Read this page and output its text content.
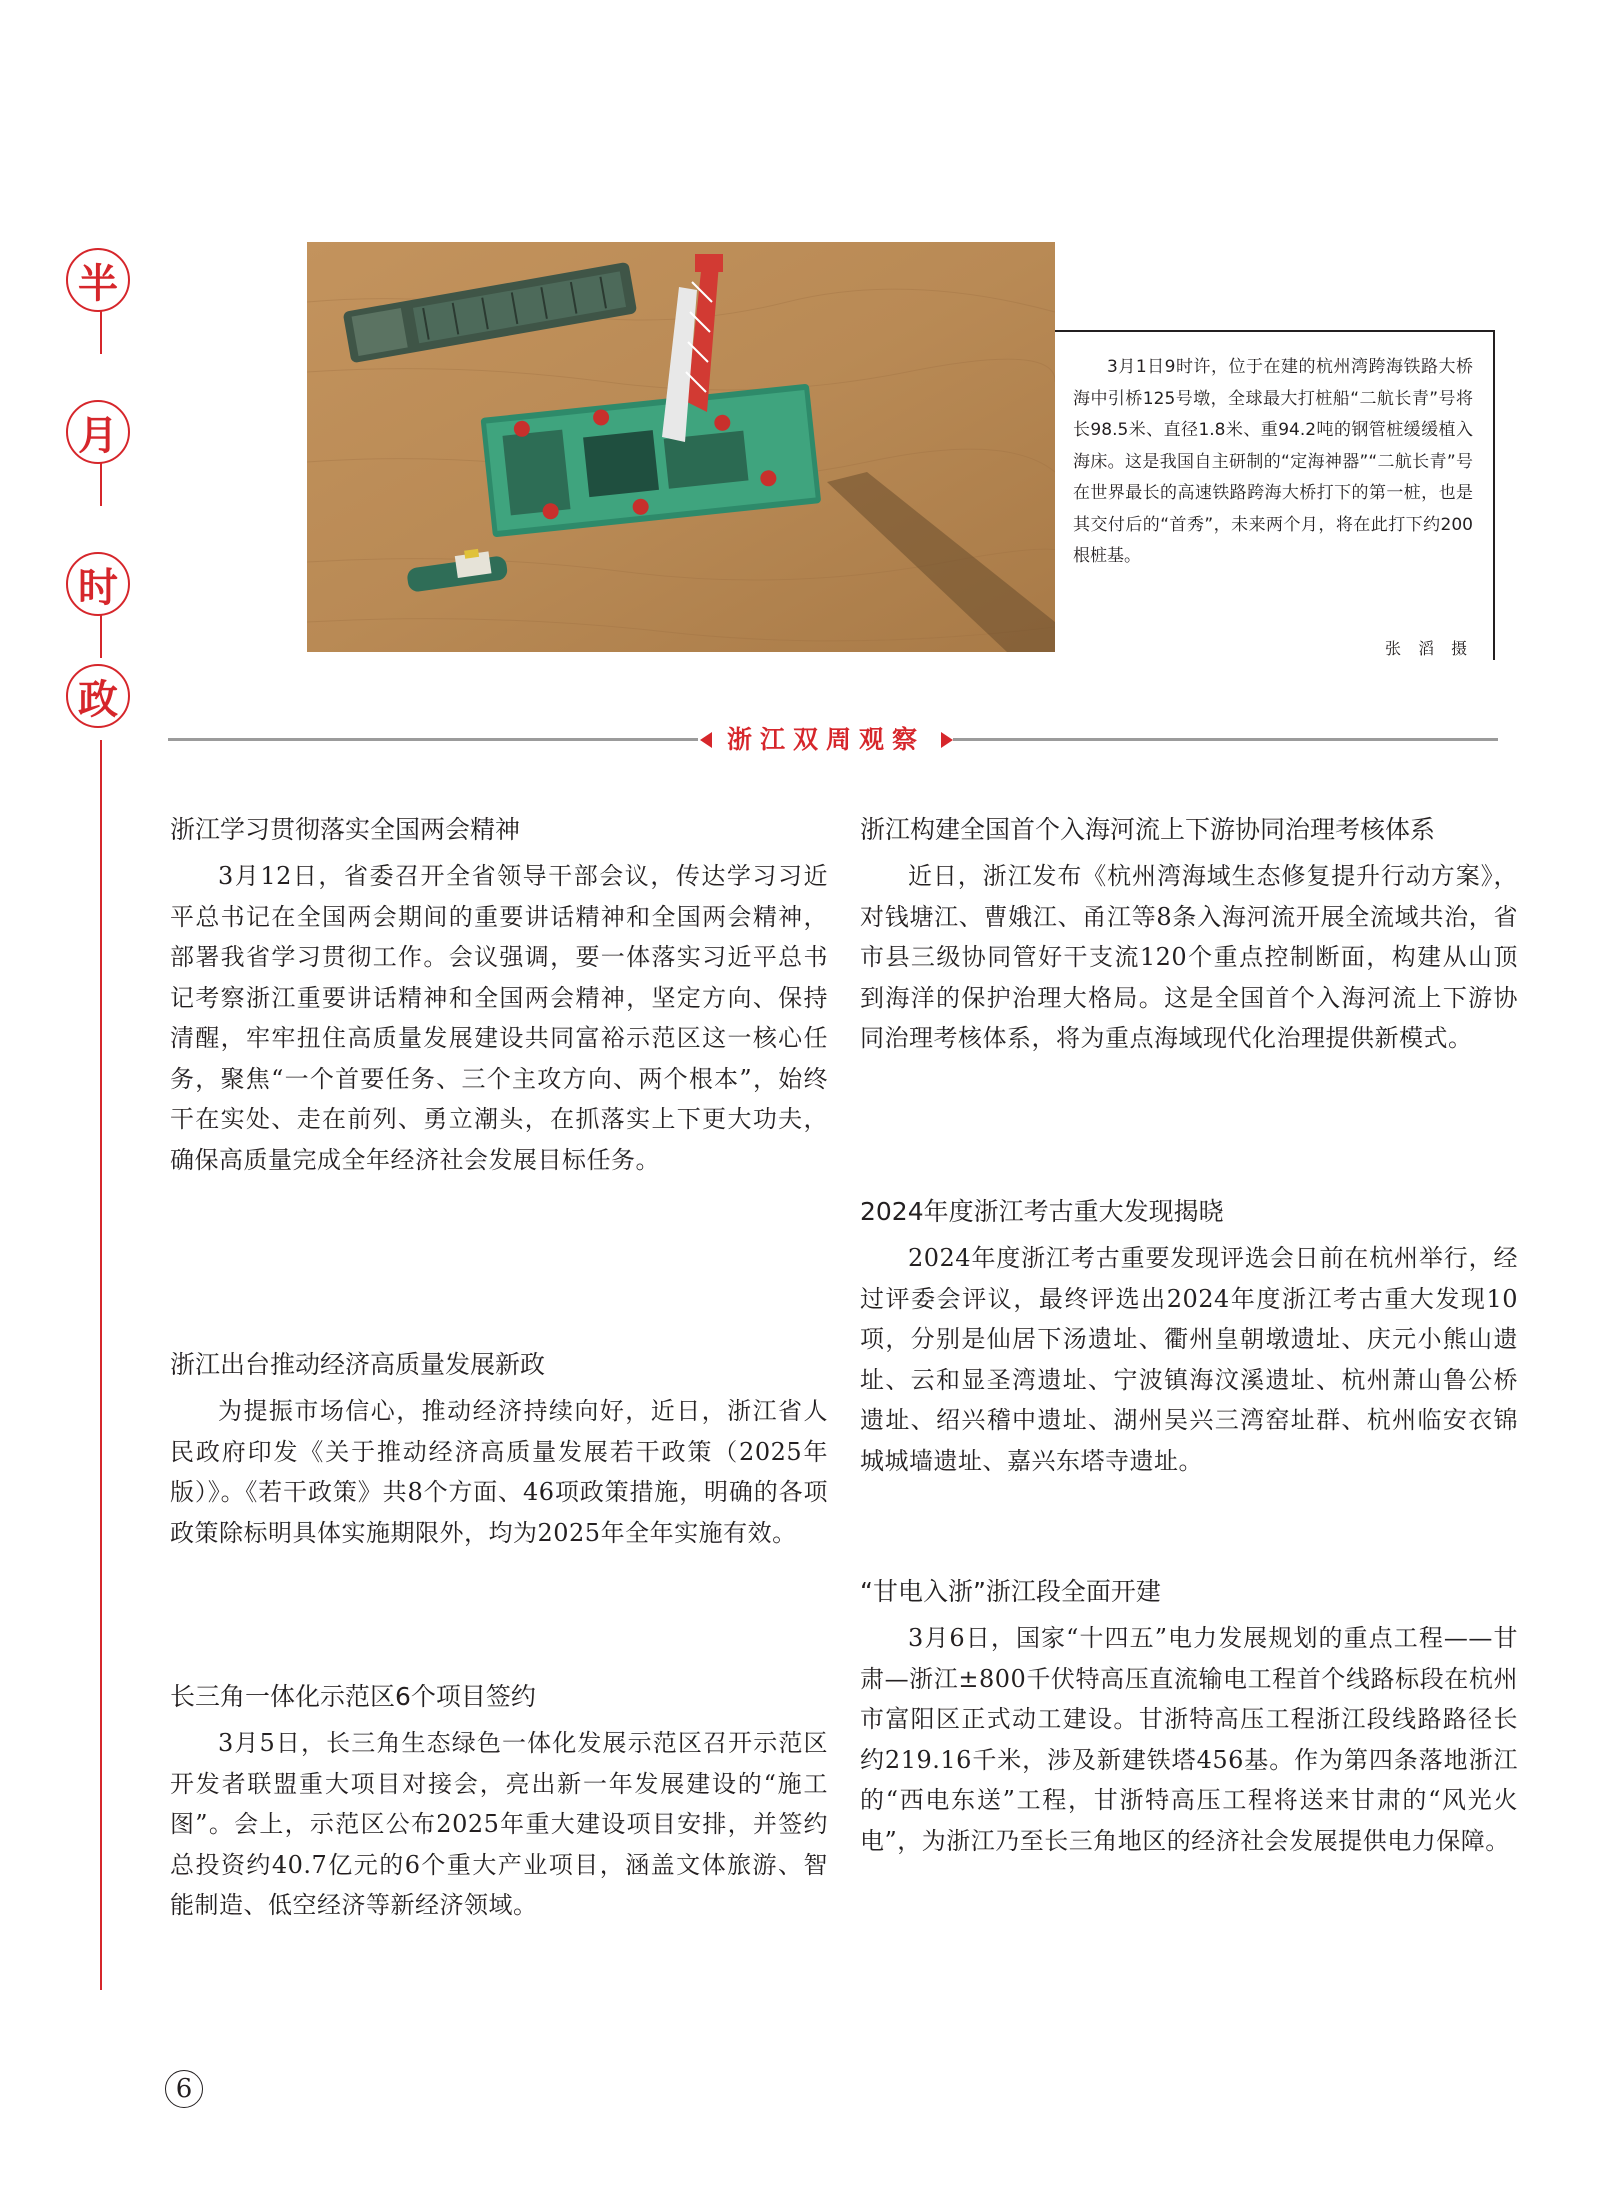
半
月
时
政
3月1日9时许，位于在建的杭州湾跨海铁路大桥海中引桥125号墩，全球最大打桩船“二航长青”号将长98.5米、直径1.8米、重94.2吨的钢管桩缓缓植入海床。这是我国自主研制的“定海神器”“二航长青”号在世界最长的高速铁路跨海大桥打下的第一桩，也是其交付后的“首秀”，未来两个月，将在此打下约200根桩基。
张 滔 摄
浙江双周观察
浙江学习贯彻落实全国两会精神

3月12日，省委召开全省领导干部会议，传达学习习近平总书记在全国两会期间的重要讲话精神和全国两会精神，部署我省学习贯彻工作。会议强调，要一体落实习近平总书记考察浙江重要讲话精神和全国两会精神，坚定方向、保持清醒，牢牢扭住高质量发展建设共同富裕示范区这一核心任务，聚焦“一个首要任务、三个主攻方向、两个根本”，始终干在实处、走在前列、勇立潮头，在抓落实上下更大功夫，确保高质量完成全年经济社会发展目标任务。

浙江出台推动经济高质量发展新政

为提振市场信心，推动经济持续向好，近日，浙江省人民政府印发《关于推动经济高质量发展若干政策（2025年版）》。《若干政策》共8个方面、46项政策措施，明确的各项政策除标明具体实施期限外，均为2025年全年实施有效。

长三角一体化示范区6个项目签约

3月5日，长三角生态绿色一体化发展示范区召开示范区开发者联盟重大项目对接会，亮出新一年发展建设的“施工图”。会上，示范区公布2025年重大建设项目安排，并签约总投资约40.7亿元的6个重大产业项目，涵盖文体旅游、智能制造、低空经济等新经济领域。

浙江构建全国首个入海河流上下游协同治理考核体系

近日，浙江发布《杭州湾海域生态修复提升行动方案》，对钱塘江、曹娥江、甬江等8条入海河流开展全流域共治，省市县三级协同管好干支流120个重点控制断面，构建从山顶到海洋的保护治理大格局。这是全国首个入海河流上下游协同治理考核体系，将为重点海域现代化治理提供新模式。

2024年度浙江考古重大发现揭晓

2024年度浙江考古重要发现评选会日前在杭州举行，经过评委会评议，最终评选出2024年度浙江考古重大发现10项，分别是仙居下汤遗址、衢州皇朝墩遗址、庆元小熊山遗址、云和显圣湾遗址、宁波镇海汶溪遗址、杭州萧山鲁公桥遗址、绍兴稽中遗址、湖州吴兴三湾窑址群、杭州临安衣锦城城墙遗址、嘉兴东塔寺遗址。

“甘电入浙”浙江段全面开建

3月6日，国家“十四五”电力发展规划的重点工程——甘肃—浙江±800千伏特高压直流输电工程首个线路标段在杭州市富阳区正式动工建设。甘浙特高压工程浙江段线路路径长约219.16千米，涉及新建铁塔456基。作为第四条落地浙江的“西电东送”工程，甘浙特高压工程将送来甘肃的“风光火电”，为浙江乃至长三角地区的经济社会发展提供电力保障。

6
